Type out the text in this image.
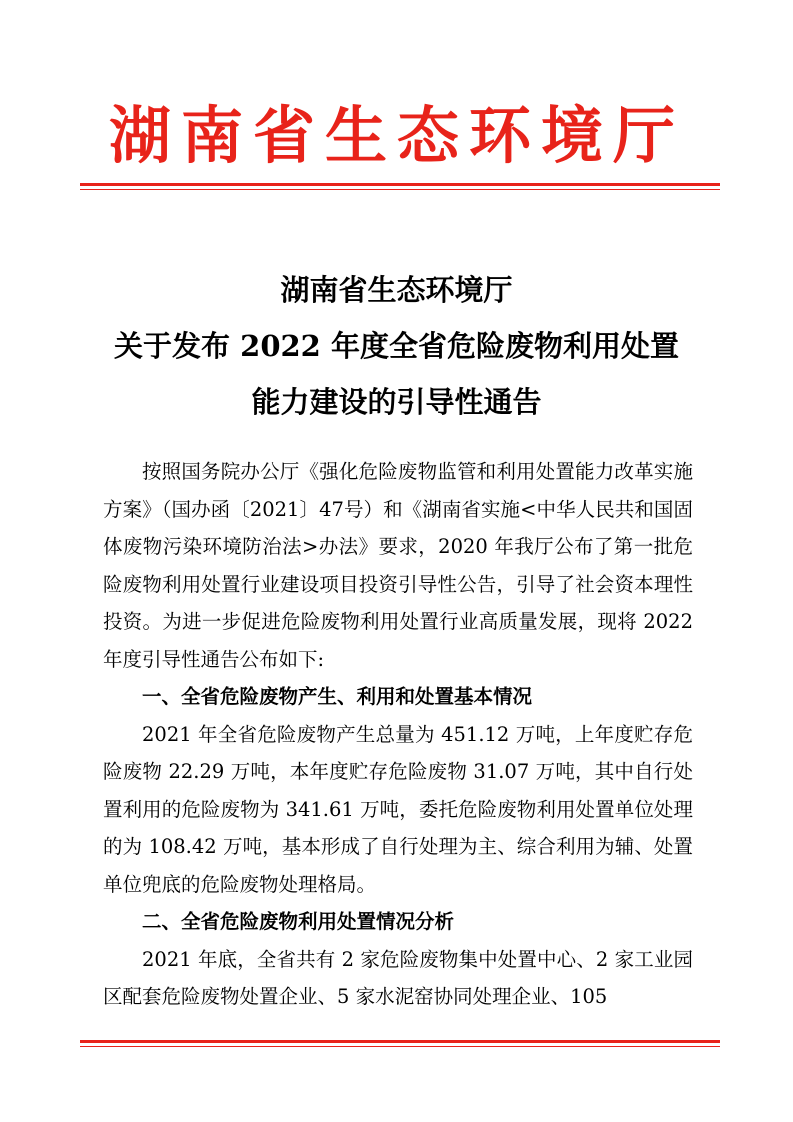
湖南省生态环境厅
湖南省生态环境厅
关于发布 2022 年度全省危险废物利用处置
能力建设的引导性通告

按照国务院办公厅《强化危险废物监管和利用处置能力改革实施方案》（国办函〔2021〕47号）和《湖南省实施<中华人民共和国固体废物污染环境防治法>办法》要求，2020 年我厅公布了第一批危险废物利用处置行业建设项目投资引导性公告，引导了社会资本理性投资。为进一步促进危险废物利用处置行业高质量发展，现将 2022 年度引导性通告公布如下:

一、全省危险废物产生、利用和处置基本情况

2021 年全省危险废物产生总量为 451.12 万吨，上年度贮存危险废物 22.29 万吨，本年度贮存危险废物 31.07 万吨，其中自行处置利用的危险废物为 341.61 万吨，委托危险废物利用处置单位处理的为 108.42 万吨，基本形成了自行处理为主、综合利用为辅、处置单位兜底的危险废物处理格局。

二、全省危险废物利用处置情况分析

2021 年底，全省共有 2 家危险废物集中处置中心、2 家工业园区配套危险废物处置企业、5 家水泥窑协同处理企业、105
